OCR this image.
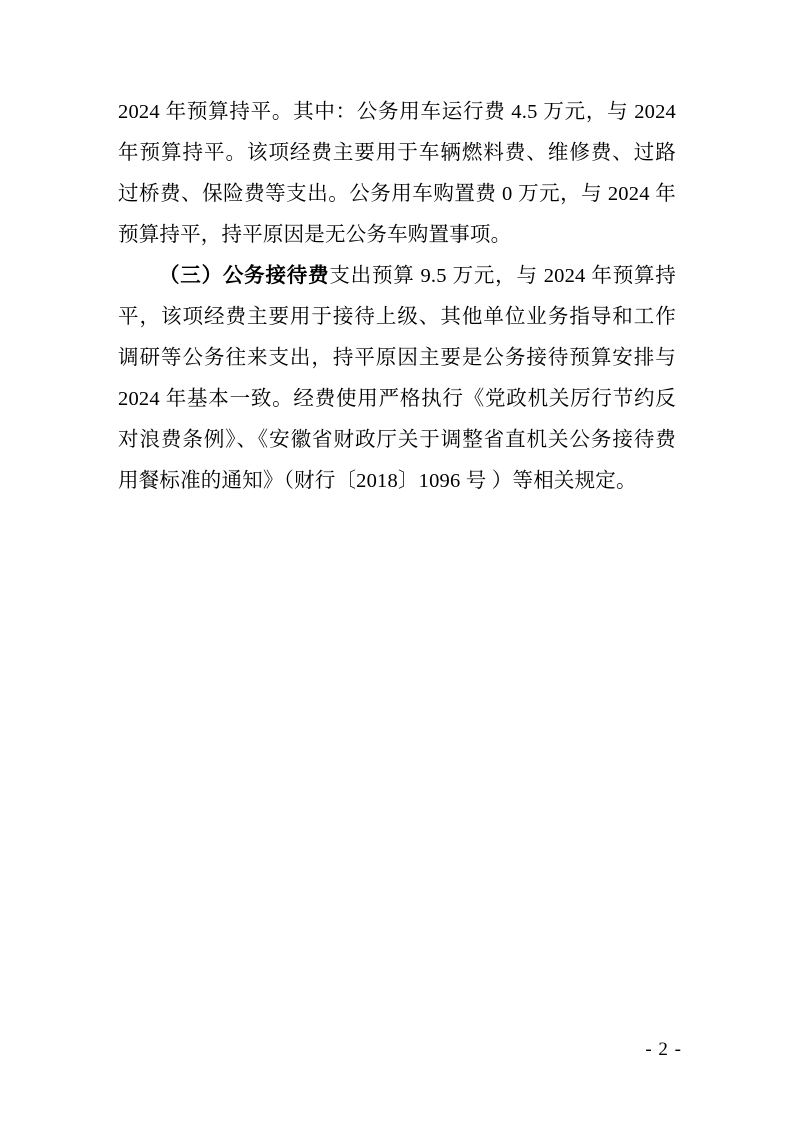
2024 年预算持平。其中：公务用车运行费 4.5 万元，与 2024 年预算持平。该项经费主要用于车辆燃料费、维修费、过路过桥费、保险费等支出。公务用车购置费 0 万元，与 2024 年预算持平，持平原因是无公务车购置事项。

（三）公务接待费支出预算 9.5 万元，与 2024 年预算持平，该项经费主要用于接待上级、其他单位业务指导和工作调研等公务往来支出，持平原因主要是公务接待预算安排与 2024 年基本一致。经费使用严格执行《党政机关厉行节约反对浪费条例》、《安徽省财政厅关于调整省直机关公务接待费用餐标准的通知》（财行〔2018〕1096 号 ）等相关规定。

- 2 -
